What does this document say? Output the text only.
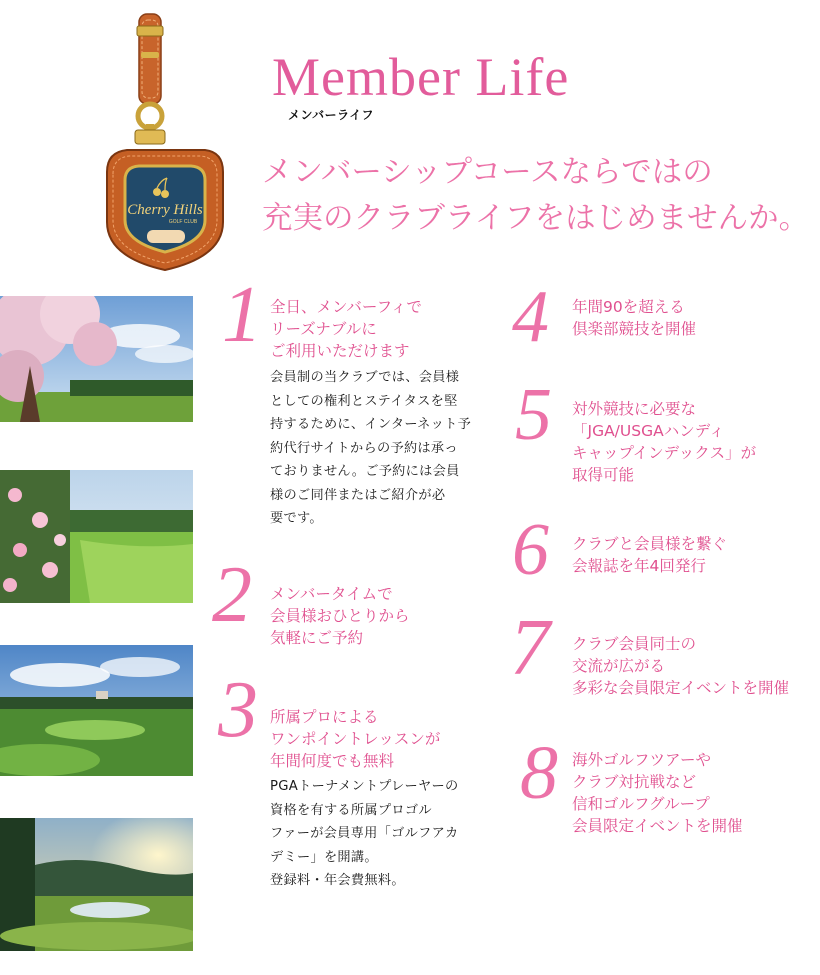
Cherry Hills
GOLF CLUB
Member Life
メンバーライフ
メンバーシップコースならではの
充実のクラブライフをはじめませんか。
1 全日、メンバーフィで
リーズナブルに
ご利用いただけます
会員制の当クラブでは、会員様
としての権利とステイタスを堅
持するために、インターネット予
約代行サイトからの予約は承っ
ておりません。ご予約には会員
様のご同伴またはご紹介が必
要です。
2 メンバータイムで
会員様おひとりから
気軽にご予約
3 所属プロによる
ワンポイントレッスンが
年間何度でも無料
PGAトーナメントプレーヤーの
資格を有する所属プロゴル
ファーが会員専用「ゴルフアカ
デミー」を開講。
登録料・年会費無料。
4 年間90を超える
倶楽部競技を開催
5 対外競技に必要な
「JGA/USGAハンディ
キャップインデックス」が
取得可能
6 クラブと会員様を繋ぐ
会報誌を年4回発行
7 クラブ会員同士の
交流が広がる
多彩な会員限定イベントを開催
8 海外ゴルフツアーや
クラブ対抗戦など
信和ゴルフグループ
会員限定イベントを開催
